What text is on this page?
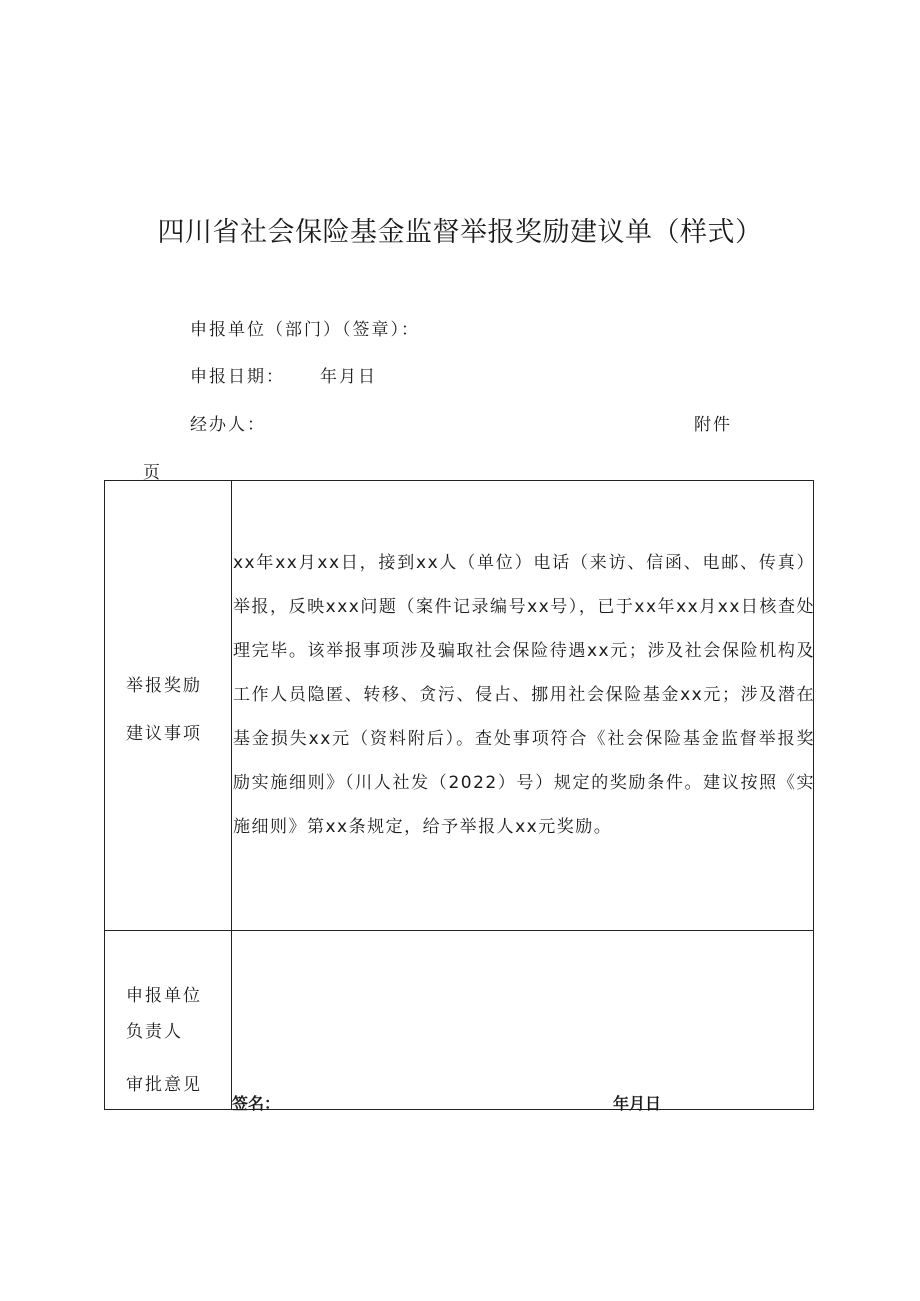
四川省社会保险基金监督举报奖励建议单（样式）
申报单位（部门）（签章）：
申报日期： 年月日
经办人：	附件
页
举报奖励
建议事项
xx年xx月xx日，接到xx人（单位）电话（来访、信函、电邮、传真）举报，反映xxx问题（案件记录编号xx号），已于xx年xx月xx日核查处理完毕。该举报事项涉及骗取社会保险待遇xx元；涉及社会保险机构及工作人员隐匿、转移、贪污、侵占、挪用社会保险基金xx元；涉及潜在基金损失xx元（资料附后）。查处事项符合《社会保险基金监督举报奖励实施细则》（川人社发（2022）号）规定的奖励条件。建议按照《实施细则》第xx条规定，给予举报人xx元奖励。
申报单位
负责人
审批意见
签名：	年月日
